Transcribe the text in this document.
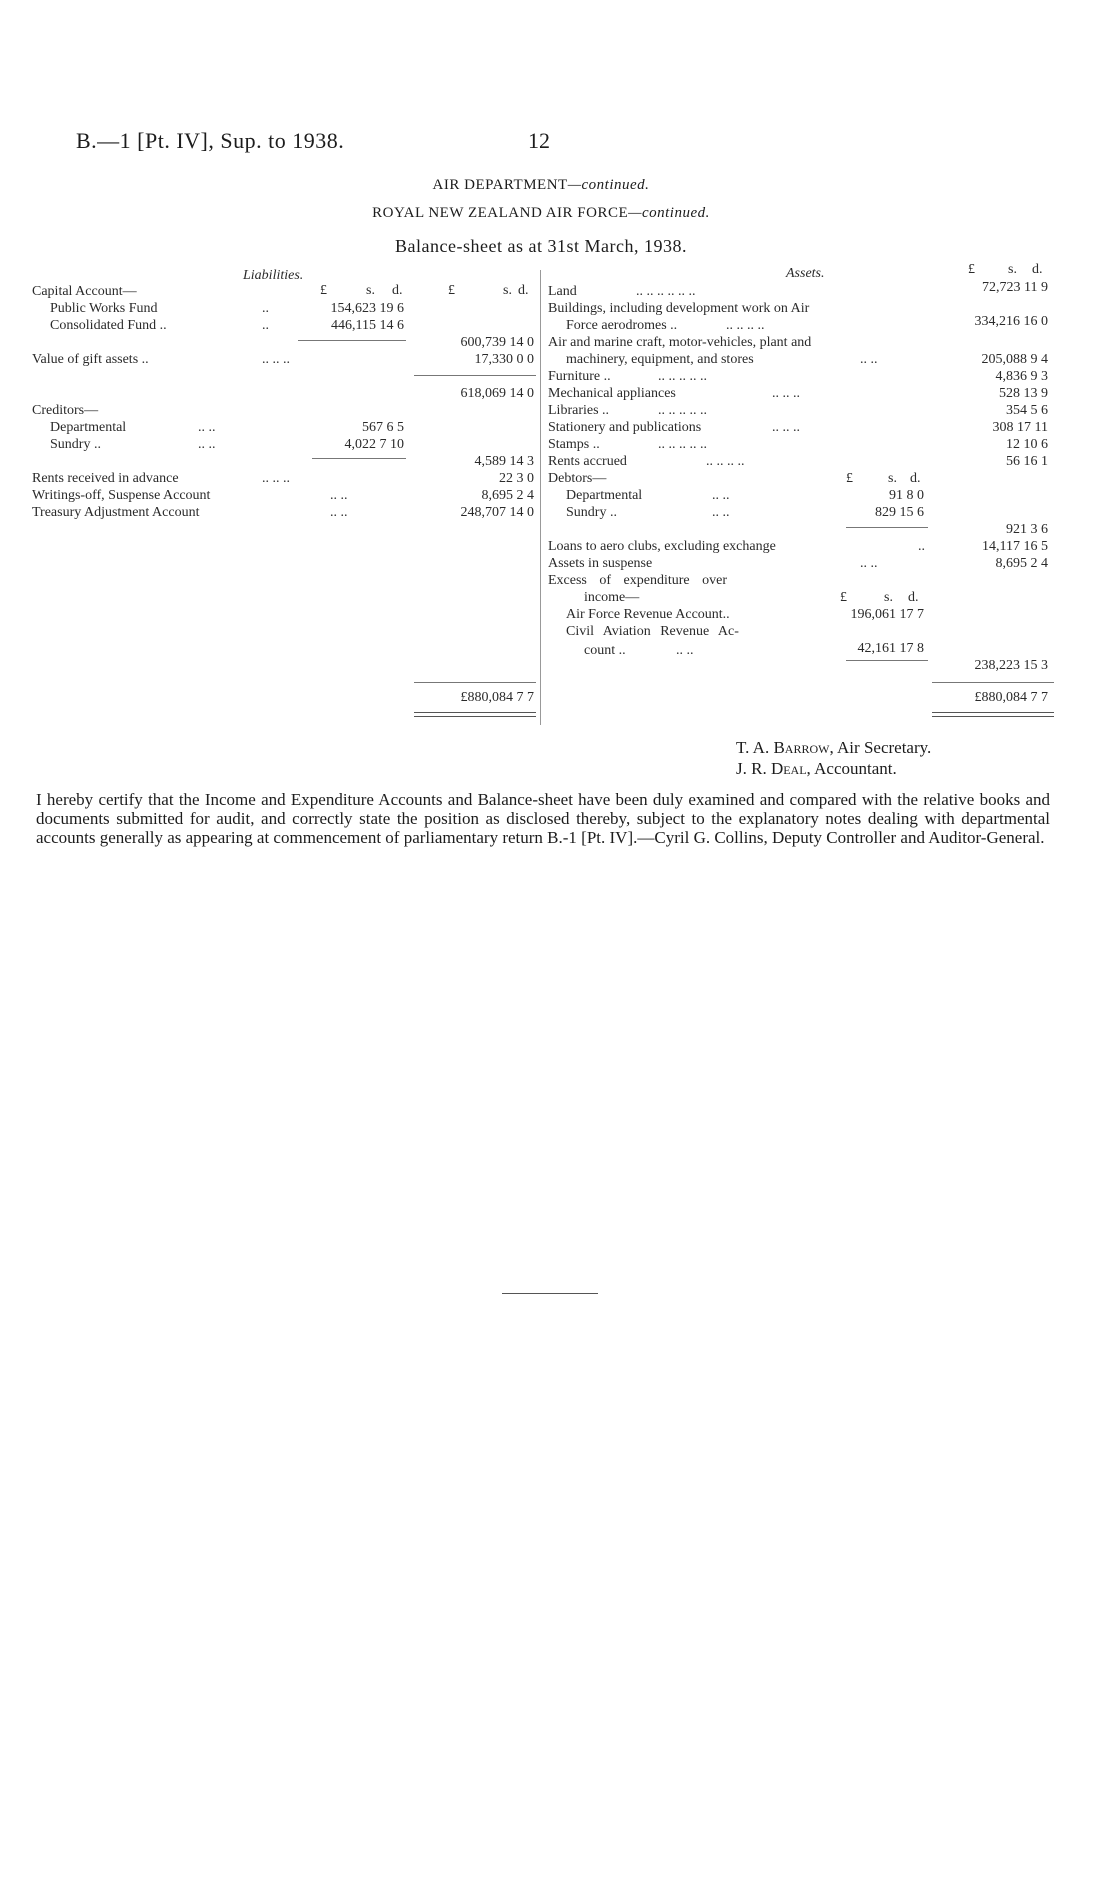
B.—1 [Pt. IV], Sup. to 1938.	12
AIR DEPARTMENT—continued.
ROYAL NEW ZEALAND AIR FORCE—continued.
Balance-sheet as at 31st March, 1938.
Liabilities.
£	s. d.	£	s. d.
Capital Account—
Public Works Fund	..	154,623 19 6
Consolidated Fund ..	..	446,115 14 6
600,739 14 0
Value of gift assets ..	.. .. ..	17,330 0 0
618,069 14 0
Creditors—
Departmental	.. ..	567 6 5
Sundry ..	.. ..	4,022 7 10
4,589 14 3
Rents received in advance	.. .. ..	22 3 0
Writings-off, Suspense Account	.. ..	8,695 2 4
Treasury Adjustment Account	.. ..	248,707 14 0
£880,084 7 7
Assets.	£ s. d.
Land	.. .. .. .. .. ..	72,723 11 9
Buildings, including development work on Air
Force aerodromes ..	.. .. .. ..	334,216 16 0
Air and marine craft, motor-vehicles, plant and
machinery, equipment, and stores	.. ..	205,088 9 4
Furniture ..	.. .. .. .. ..	4,836 9 3
Mechanical appliances	.. .. ..	528 13 9
Libraries ..	.. .. .. .. ..	354 5 6
Stationery and publications	.. .. ..	308 17 11
Stamps ..	.. .. .. .. ..	12 10 6
Rents accrued	.. .. .. ..	56 16 1
Debtors—	£	s. d.
Departmental	.. ..	91 8 0
Sundry ..	.. ..	829 15 6
921 3 6
Loans to aero clubs, excluding exchange	..	14,117 16 5
Assets in suspense	.. ..	8,695 2 4
Excess of expenditure over
income—	£	s. d.
Air Force Revenue Account..	196,061 17 7
Civil Aviation Revenue Ac-
count ..	.. ..	42,161 17 8
238,223 15 3
£880,084 7 7
T. A. Barrow, Air Secretary.
J. R. Deal, Accountant.
I hereby certify that the Income and Expenditure Accounts and Balance-sheet have been duly examined and compared with the relative books and documents submitted for audit, and correctly state the position as disclosed thereby, subject to the explanatory notes dealing with departmental accounts generally as appearing at commencement of parliamentary return B.-1 [Pt. IV].—Cyril G. Collins, Deputy Controller and Auditor-General.
